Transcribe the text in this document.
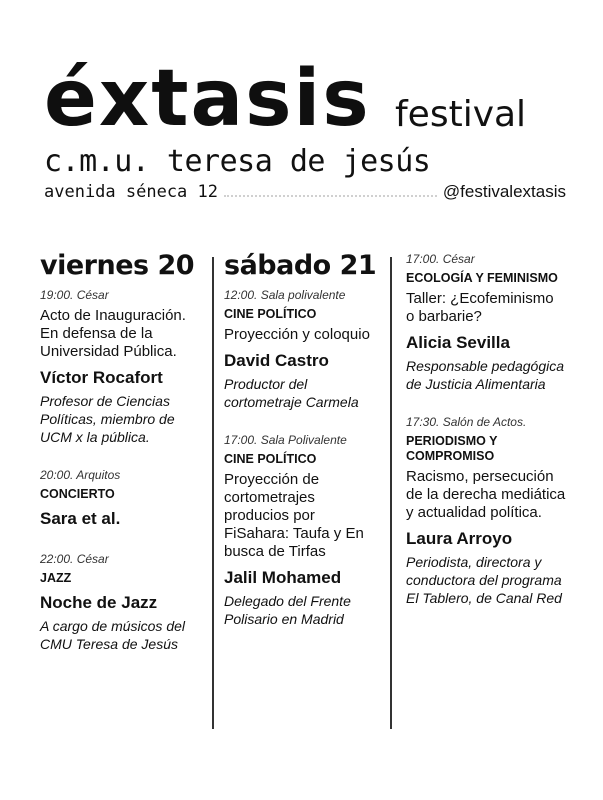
éxtasis festival
c.m.u. teresa de jesús
avenida séneca 12	@festivalextasis
viernes 20
19:00. César
Acto de Inauguración. En defensa de la Universidad Pública.
Víctor Rocafort
Profesor de Ciencias Políticas, miembro de UCM x la pública.
20:00. Arquitos
CONCIERTO
Sara et al.
22:00. César
JAZZ
Noche de Jazz
A cargo de músicos del CMU Teresa de Jesús
sábado 21
12:00. Sala polivalente
CINE POLÍTICO
Proyección y coloquio
David Castro
Productor del cortometraje Carmela
17:00. Sala Polivalente
CINE POLÍTICO
Proyección de cortometrajes producios por FiSahara: Taufa y En busca de Tirfas
Jalil Mohamed
Delegado del Frente Polisario en Madrid
17:00. César
ECOLOGÍA Y FEMINISMO
Taller: ¿Ecofeminismo o barbarie?
Alicia Sevilla
Responsable pedagógica de Justicia Alimentaria
17:30. Salón de Actos.
PERIODISMO Y COMPROMISO
Racismo, persecución de la derecha mediática y actualidad política.
Laura Arroyo
Periodista, directora y conductora del programa El Tablero, de Canal Red
